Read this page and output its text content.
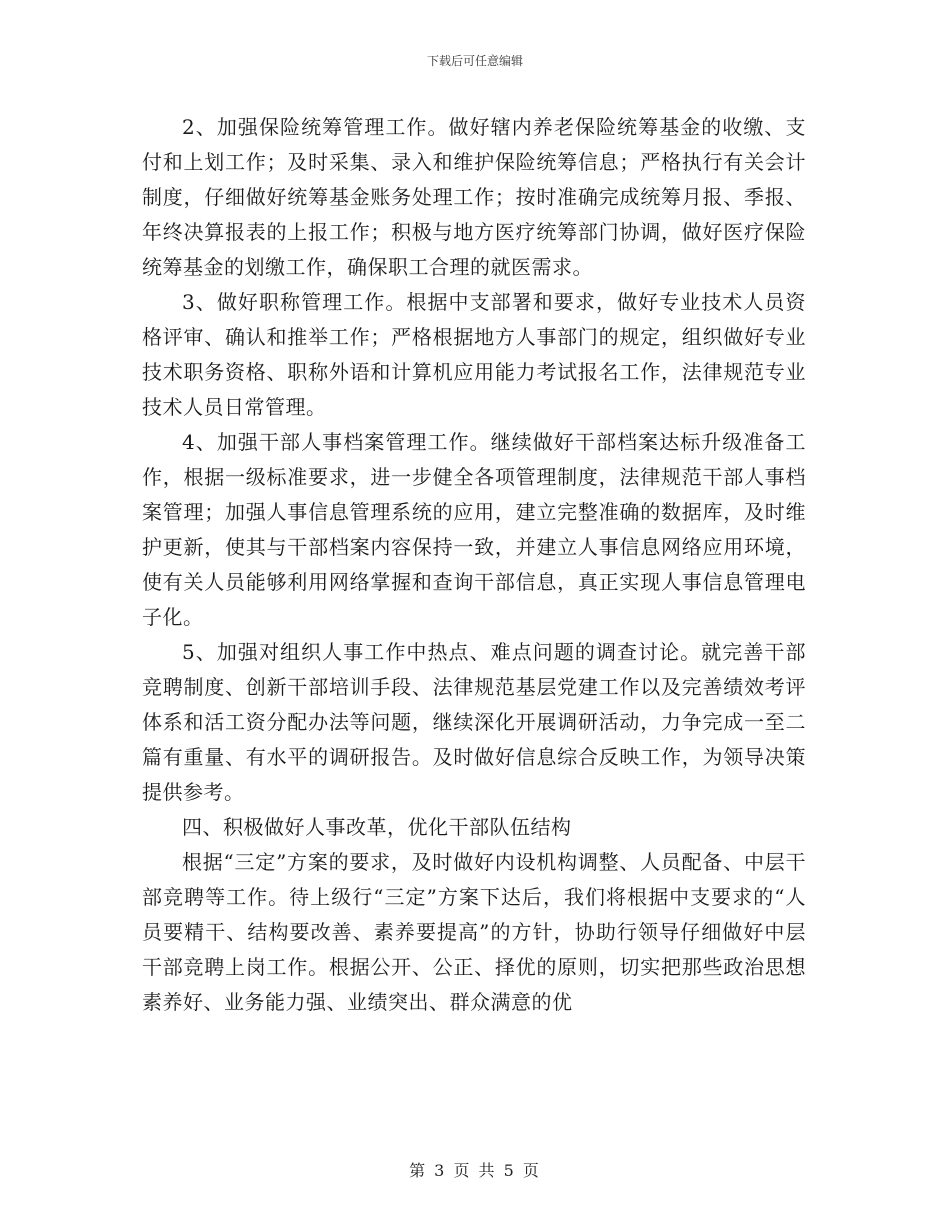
下载后可任意编辑

2、加强保险统筹管理工作。做好辖内养老保险统筹基金的收缴、支付和上划工作；及时采集、录入和维护保险统筹信息；严格执行有关会计制度，仔细做好统筹基金账务处理工作；按时准确完成统筹月报、季报、年终决算报表的上报工作；积极与地方医疗统筹部门协调，做好医疗保险统筹基金的划缴工作，确保职工合理的就医需求。

3、做好职称管理工作。根据中支部署和要求，做好专业技术人员资格评审、确认和推举工作；严格根据地方人事部门的规定，组织做好专业技术职务资格、职称外语和计算机应用能力考试报名工作，法律规范专业技术人员日常管理。

4、加强干部人事档案管理工作。继续做好干部档案达标升级准备工作，根据一级标准要求，进一步健全各项管理制度，法律规范干部人事档案管理；加强人事信息管理系统的应用，建立完整准确的数据库，及时维护更新，使其与干部档案内容保持一致，并建立人事信息网络应用环境，使有关人员能够利用网络掌握和查询干部信息，真正实现人事信息管理电子化。

5、加强对组织人事工作中热点、难点问题的调查讨论。就完善干部竞聘制度、创新干部培训手段、法律规范基层党建工作以及完善绩效考评体系和活工资分配办法等问题，继续深化开展调研活动，力争完成一至二篇有重量、有水平的调研报告。及时做好信息综合反映工作，为领导决策提供参考。

四、积极做好人事改革，优化干部队伍结构

根据“三定”方案的要求，及时做好内设机构调整、人员配备、中层干部竞聘等工作。待上级行“三定”方案下达后，我们将根据中支要求的“人员要精干、结构要改善、素养要提高”的方针，协助行领导仔细做好中层干部竞聘上岗工作。根据公开、公正、择优的原则，切实把那些政治思想素养好、业务能力强、业绩突出、群众满意的优

第 3 页 共 5 页
